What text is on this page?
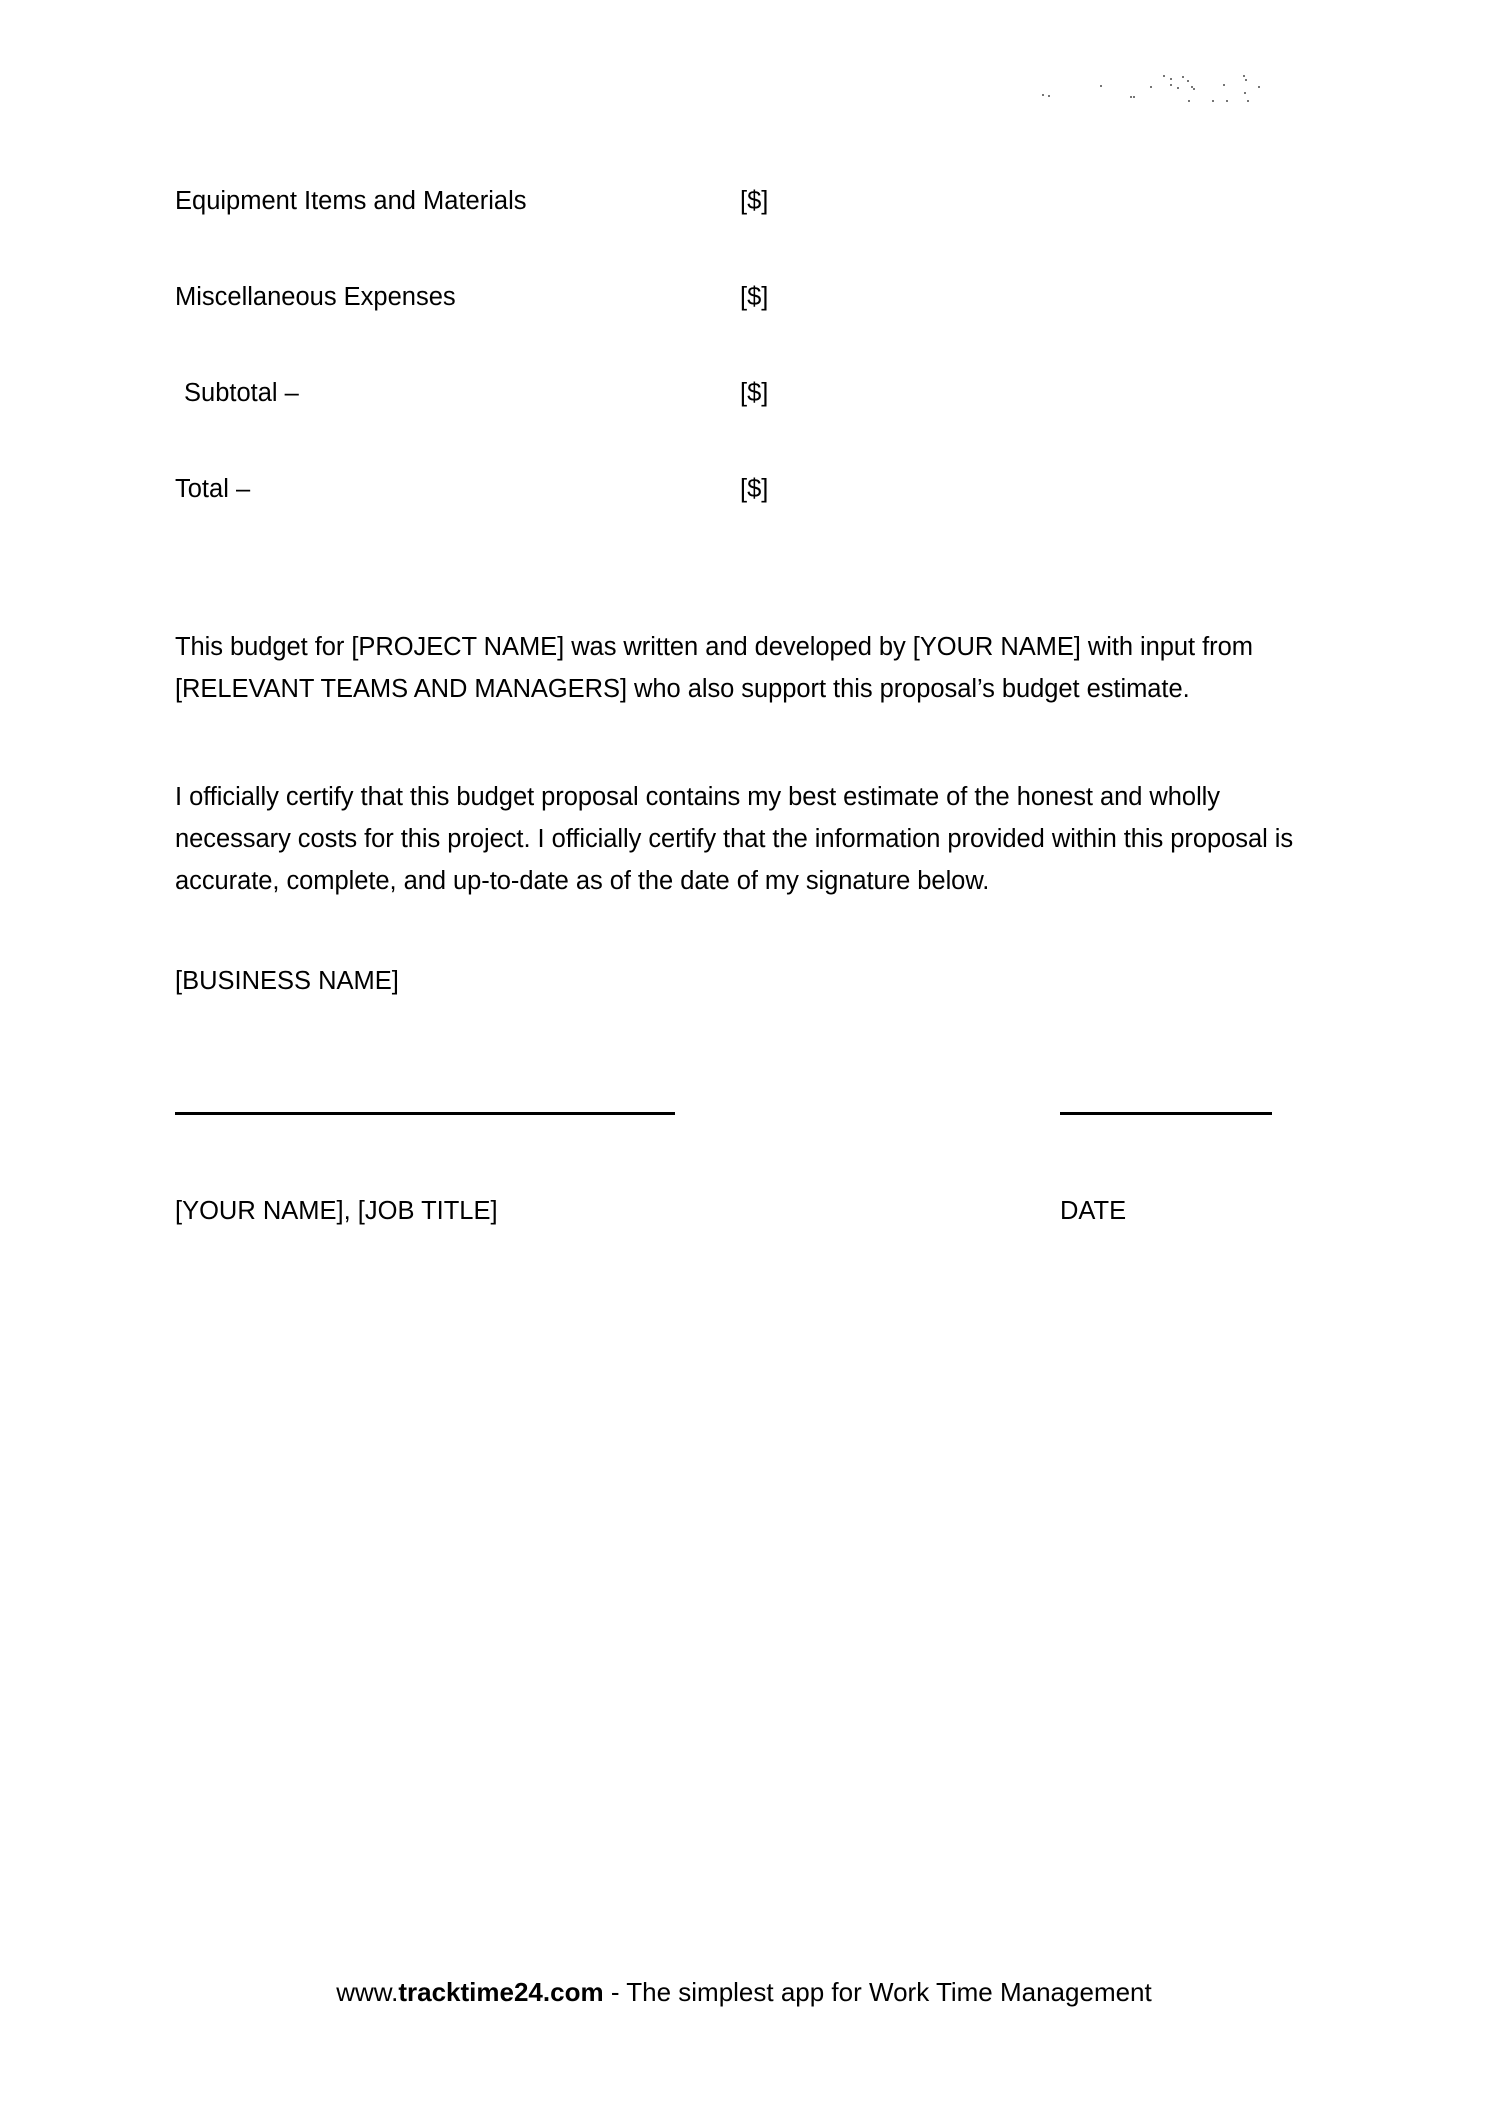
Equipment Items and Materials	[$]
Miscellaneous Expenses	[$]
Subtotal –	[$]
Total –	[$]

This budget for [PROJECT NAME] was written and developed by [YOUR NAME] with input from [RELEVANT TEAMS AND MANAGERS] who also support this proposal’s budget estimate.

I officially certify that this budget proposal contains my best estimate of the honest and wholly necessary costs for this project. I officially certify that the information provided within this proposal is accurate, complete, and up-to-date as of the date of my signature below.

[BUSINESS NAME]
[YOUR NAME], [JOB TITLE]	DATE
www.tracktime24.com - The simplest app for Work Time Management
